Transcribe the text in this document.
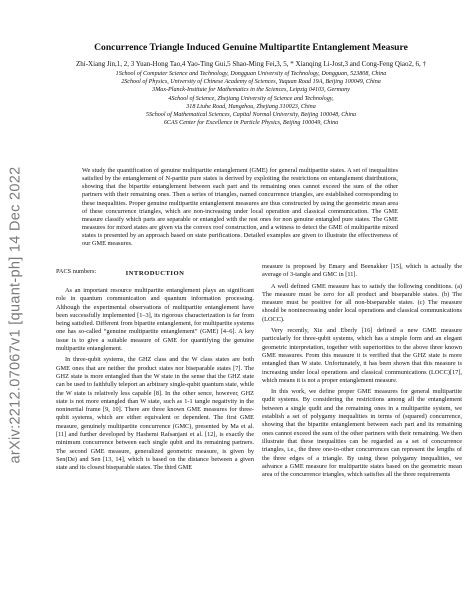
arXiv:2212.07067v1 [quant-ph] 14 Dec 2022
Concurrence Triangle Induced Genuine Multipartite Entanglement Measure
Zhi-Xiang Jin,1, 2, 3 Yuan-Hong Tao,4 Yao-Ting Gui,5 Shao-Ming Fei,3, 5, * Xianqing Li-Jost,3 and Cong-Feng Qiao2, 6, †
1School of Computer Science and Technology, Dongguan University of Technology, Dongguan, 523808, China
2School of Physics, University of Chinese Academy of Sciences, Yuquan Road 19A, Beijing 100049, China
3Max-Planck-Institute for Mathematics in the Sciences, Leipzig 04103, Germany
4School of Science, Zhejiang University of Science and Technology,
318 Liuhe Road, Hangzhou, Zhejiang 310023, China
5School of Mathematical Sciences, Capital Normal University, Beijing 100048, China
6CAS Center for Excellence in Particle Physics, Beijing 100049, China

We study the quantification of genuine multipartite entanglement (GME) for general multipartite states. A set of inequalities satisfied by the entanglement of N-partite pure states is derived by exploiting the restrictions on entanglement distributions, showing that the bipartite entanglement between each part and its remaining ones cannot exceed the sum of the other partners with their remaining ones. Then a series of triangles, named concurrence triangles, are established corresponding to these inequalities. Proper genuine multipartite entanglement measures are thus constructed by using the geometric mean area of these concurrence triangles, which are non-increasing under local operation and classical communication. The GME measure classify which parts are separable or entangled with the rest ones for non genuine entangled pure states. The GME measures for mixed states are given via the convex roof construction, and a witness to detect the GME of multipartite mixed states is presented by an approach based on state purifications. Detailed examples are given to illustrate the effectiveness of our GME measures.

PACS numbers:	INTRODUCTION

As an important resource multipartite entanglement plays an significant role in quantum communication and quantum information processing. Although the experimental observations of multipartite entanglement have been successfully implemented [1–3], its rigorous characterization is far from being satisfied. Different from bipartite entanglement, for multipartite systems one has so-called “genuine multipartite entanglement” (GME) [4–6]. A key issue is to give a suitable measure of GME for quantifying the genuine multipartite entanglement.

In three-qubit systems, the GHZ class and the W class states are both GME ones that are neither the product states nor biseparable states [7]. The GHZ state is more entangled than the W state in the sense that the GHZ state can be used to faithfully teleport an arbitrary single-qubit quantum state, while the W state is relatively less capable [8]. In the other sence, however, GHZ state is not more entangled than W state, such as 1-1 tangle negativity in the noninertial frame [9, 10]. There are three known GME measures for three-qubit systems, which are either equivalent or dependent. The first GME measure, genuinely multipartite concurrence (GMC), presented by Ma et al. [11] and further developed by Hashemi Rafsanjani et al. [12], is exactly the minimum concurrence between each single qubit and its remaining partners. The second GME measure, generalized geometric measure, is given by Sen(De) and Sen [13, 14], which is based on the distance between a given state and its closest biseparable states. The third GME

measure is proposed by Emary and Beenakker [15], which is actually the average of 3-tangle and GMC in [11].

A well defined GME measure has to satisfy the following conditions. (a) The measure must be zero for all product and biseparable states. (b) The measure must be positive for all non-biseparable states. (c) The measure should be noninecreasing under local operations and classical communications (LOCC).

Very recently, Xie and Eberly [16] defined a new GME measure particularly for three-qubit systems, which has a simple form and an elegant geometric interpretation, together with superiorities to the above three known GME measures. From this measure it is verified that the GHZ state is more entangled than W state. Unfortunately, it has been shown that this measure is increasing under local operations and classical communications (LOCC)[17], which means it is not a proper entanglement measure.

In this work, we define proper GME measures for general multipartite qudit systems. By considering the restrictions among all the entanglement between a single qudit and the remaining ones in a multipartite system, we establish a set of polygamy inequalities in terms of (squared) concurrence, showing that the bipartite entanglement between each part and its remaining ones cannot exceed the sum of the other partners with their remaining. We then illustrate that these inequalities can be regarded as a set of concurrence triangles, i.e., the three one-to-other concurrences can represent the lengths of the three edges of a triangle. By using these polygamy inequalities, we advance a GME measure for multipartite states based on the geometric mean area of the concurrence triangles, which satisfies all the three requirements
